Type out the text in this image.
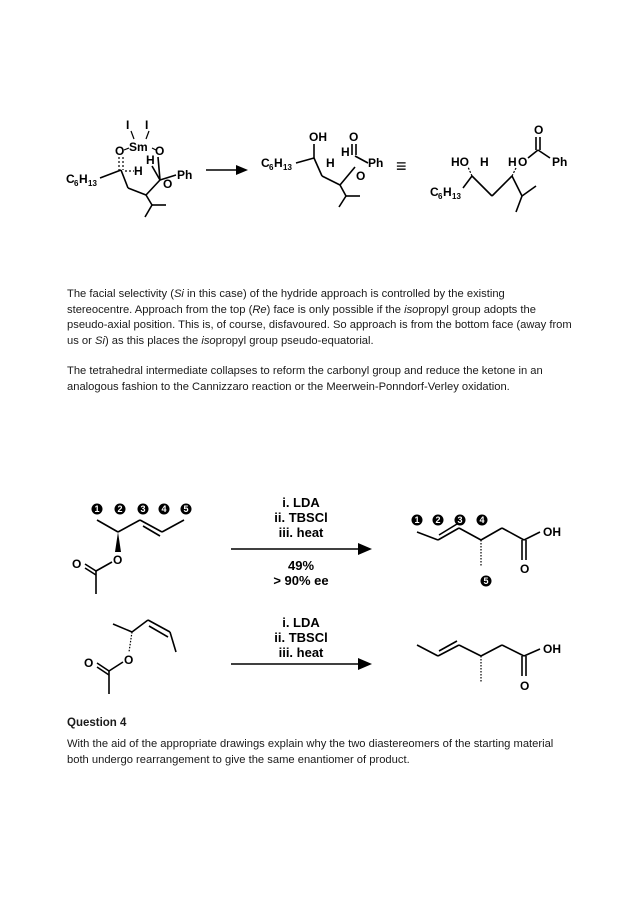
I I
Sm
O	O
C 6 H 13
H
H
O
Ph
OH O
C 6 H 13	H
H
O
Ph ≡
O
HO H H O Ph
C 6 H 13
1 2 3 4 5
O
O
i. LDA
ii. TBSCl
iii. heat
49%
> 90% ee
1 2 3 4
5
OH
O
O
O
i. LDA
ii. TBSCl
iii. heat	OH
O

The facial selectivity (Si in this case) of the hydride approach is controlled by the existing stereocentre. Approach from the top (Re) face is only possible if the isopropyl group adopts the pseudo-axial position. This is, of course, disfavoured. So approach is from the bottom face (away from us or Si) as this places the isopropyl group pseudo-equatorial.

The tetrahedral intermediate collapses to reform the carbonyl group and reduce the ketone in an analogous fashion to the Cannizzaro reaction or the Meerwein-Ponndorf-Verley oxidation.

Question 4

With the aid of the appropriate drawings explain why the two diastereomers of the starting material both undergo rearrangement to give the same enantiomer of product.
